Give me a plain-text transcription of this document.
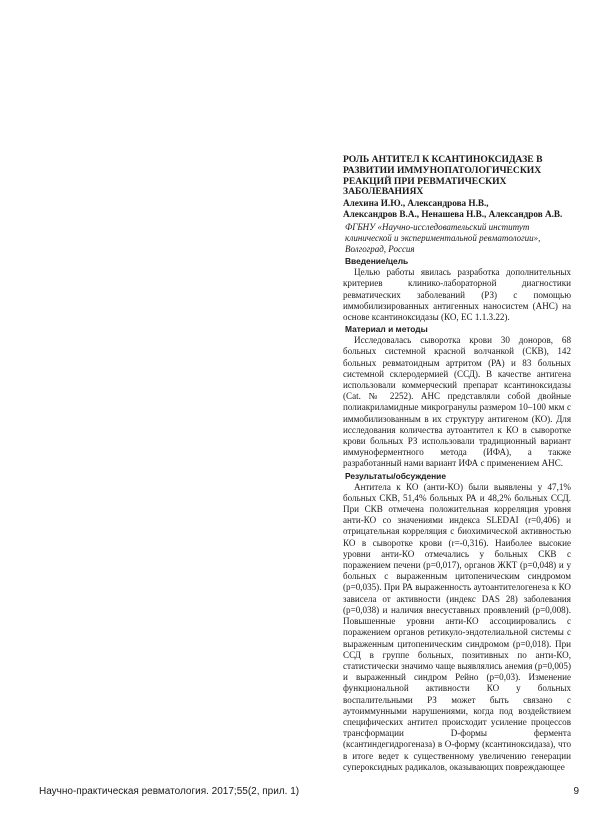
РОЛЬ АНТИТЕЛ К КСАНТИНОКСИДАЗЕ В РАЗВИТИИ ИММУНОПАТОЛОГИЧЕСКИХ РЕАКЦИЙ ПРИ РЕВМАТИЧЕСКИХ ЗАБОЛЕВАНИЯХ

Алехина И.Ю., Александрова Н.В.,

Александров В.А., Ненашева Н.В., Александров А.В.

ФГБНУ «Научно-исследовательский институт клинической и экспериментальной ревматологии», Волгоград, Россия

Введение/цель

Целью работы явилась разработка дополнительных критериев клинико-лабораторной диагностики ревматических заболеваний (РЗ) с помощью иммобилизированных антигенных наносистем (АНС) на основе ксантиноксидазы (КО, ЕС 1.1.3.22).

Материал и методы

Исследовалась сыворотка крови 30 доноров, 68 больных системной красной волчанкой (СКВ), 142 больных ревматоидным артритом (РА) и 83 больных системной склеродермией (ССД). В качестве антигена использовали коммерческий препарат ксантиноксидазы (Cat. № 2252). АНС представляли собой двойные полиакриламидные микрогранулы размером 10–100 мкм с иммобилизованным в их структуру антигеном (КО). Для исследования количества аутоантител к КО в сыворотке крови больных РЗ использовали традиционный вариант иммуноферментного метода (ИФА), а также разработанный нами вариант ИФА с применением АНС.

Результаты/обсуждение

Антитела к КО (анти-КО) были выявлены у 47,1% больных СКВ, 51,4% больных РА и 48,2% больных ССД. При СКВ отмечена положительная корреляция уровня анти-КО со значениями индекса SLEDAI (r=0,406) и отрицательная корреляция с биохимической активностью КО в сыворотке крови (r=-0,316). Наиболее высокие уровни анти-КО отмечались у больных СКВ с поражением печени (p=0,017), органов ЖКТ (p=0,048) и у больных с выраженным цитопеническим синдромом (p=0,035). При РА выраженность аутоантителогенеза к КО зависела от активности (индекс DAS 28) заболевания (p=0,038) и наличия внесуставных проявлений (p=0,008). Повышенные уровни анти-КО ассоциировались с поражением органов ретикуло-эндотелиальной системы с выраженным цитопеническим синдромом (p=0,018). При ССД в группе больных, позитивных по анти-КО, статистически значимо чаще выявлялись анемия (p=0,005) и выраженный синдром Рейно (p=0,03). Изменение функциональной активности КО у больных воспалительными РЗ может быть связано с аутоиммунными нарушениями, когда под воздействием специфических антител происходит усиление процессов трансформации D-формы фермента (ксантиндегидрогеназа) в О-форму (ксантиноксидаза), что в итоге ведет к существенному увеличению генерации супероксидных радикалов, оказывающих повреждающее

Научно-практическая ревматология. 2017;55(2, прил. 1)	9
